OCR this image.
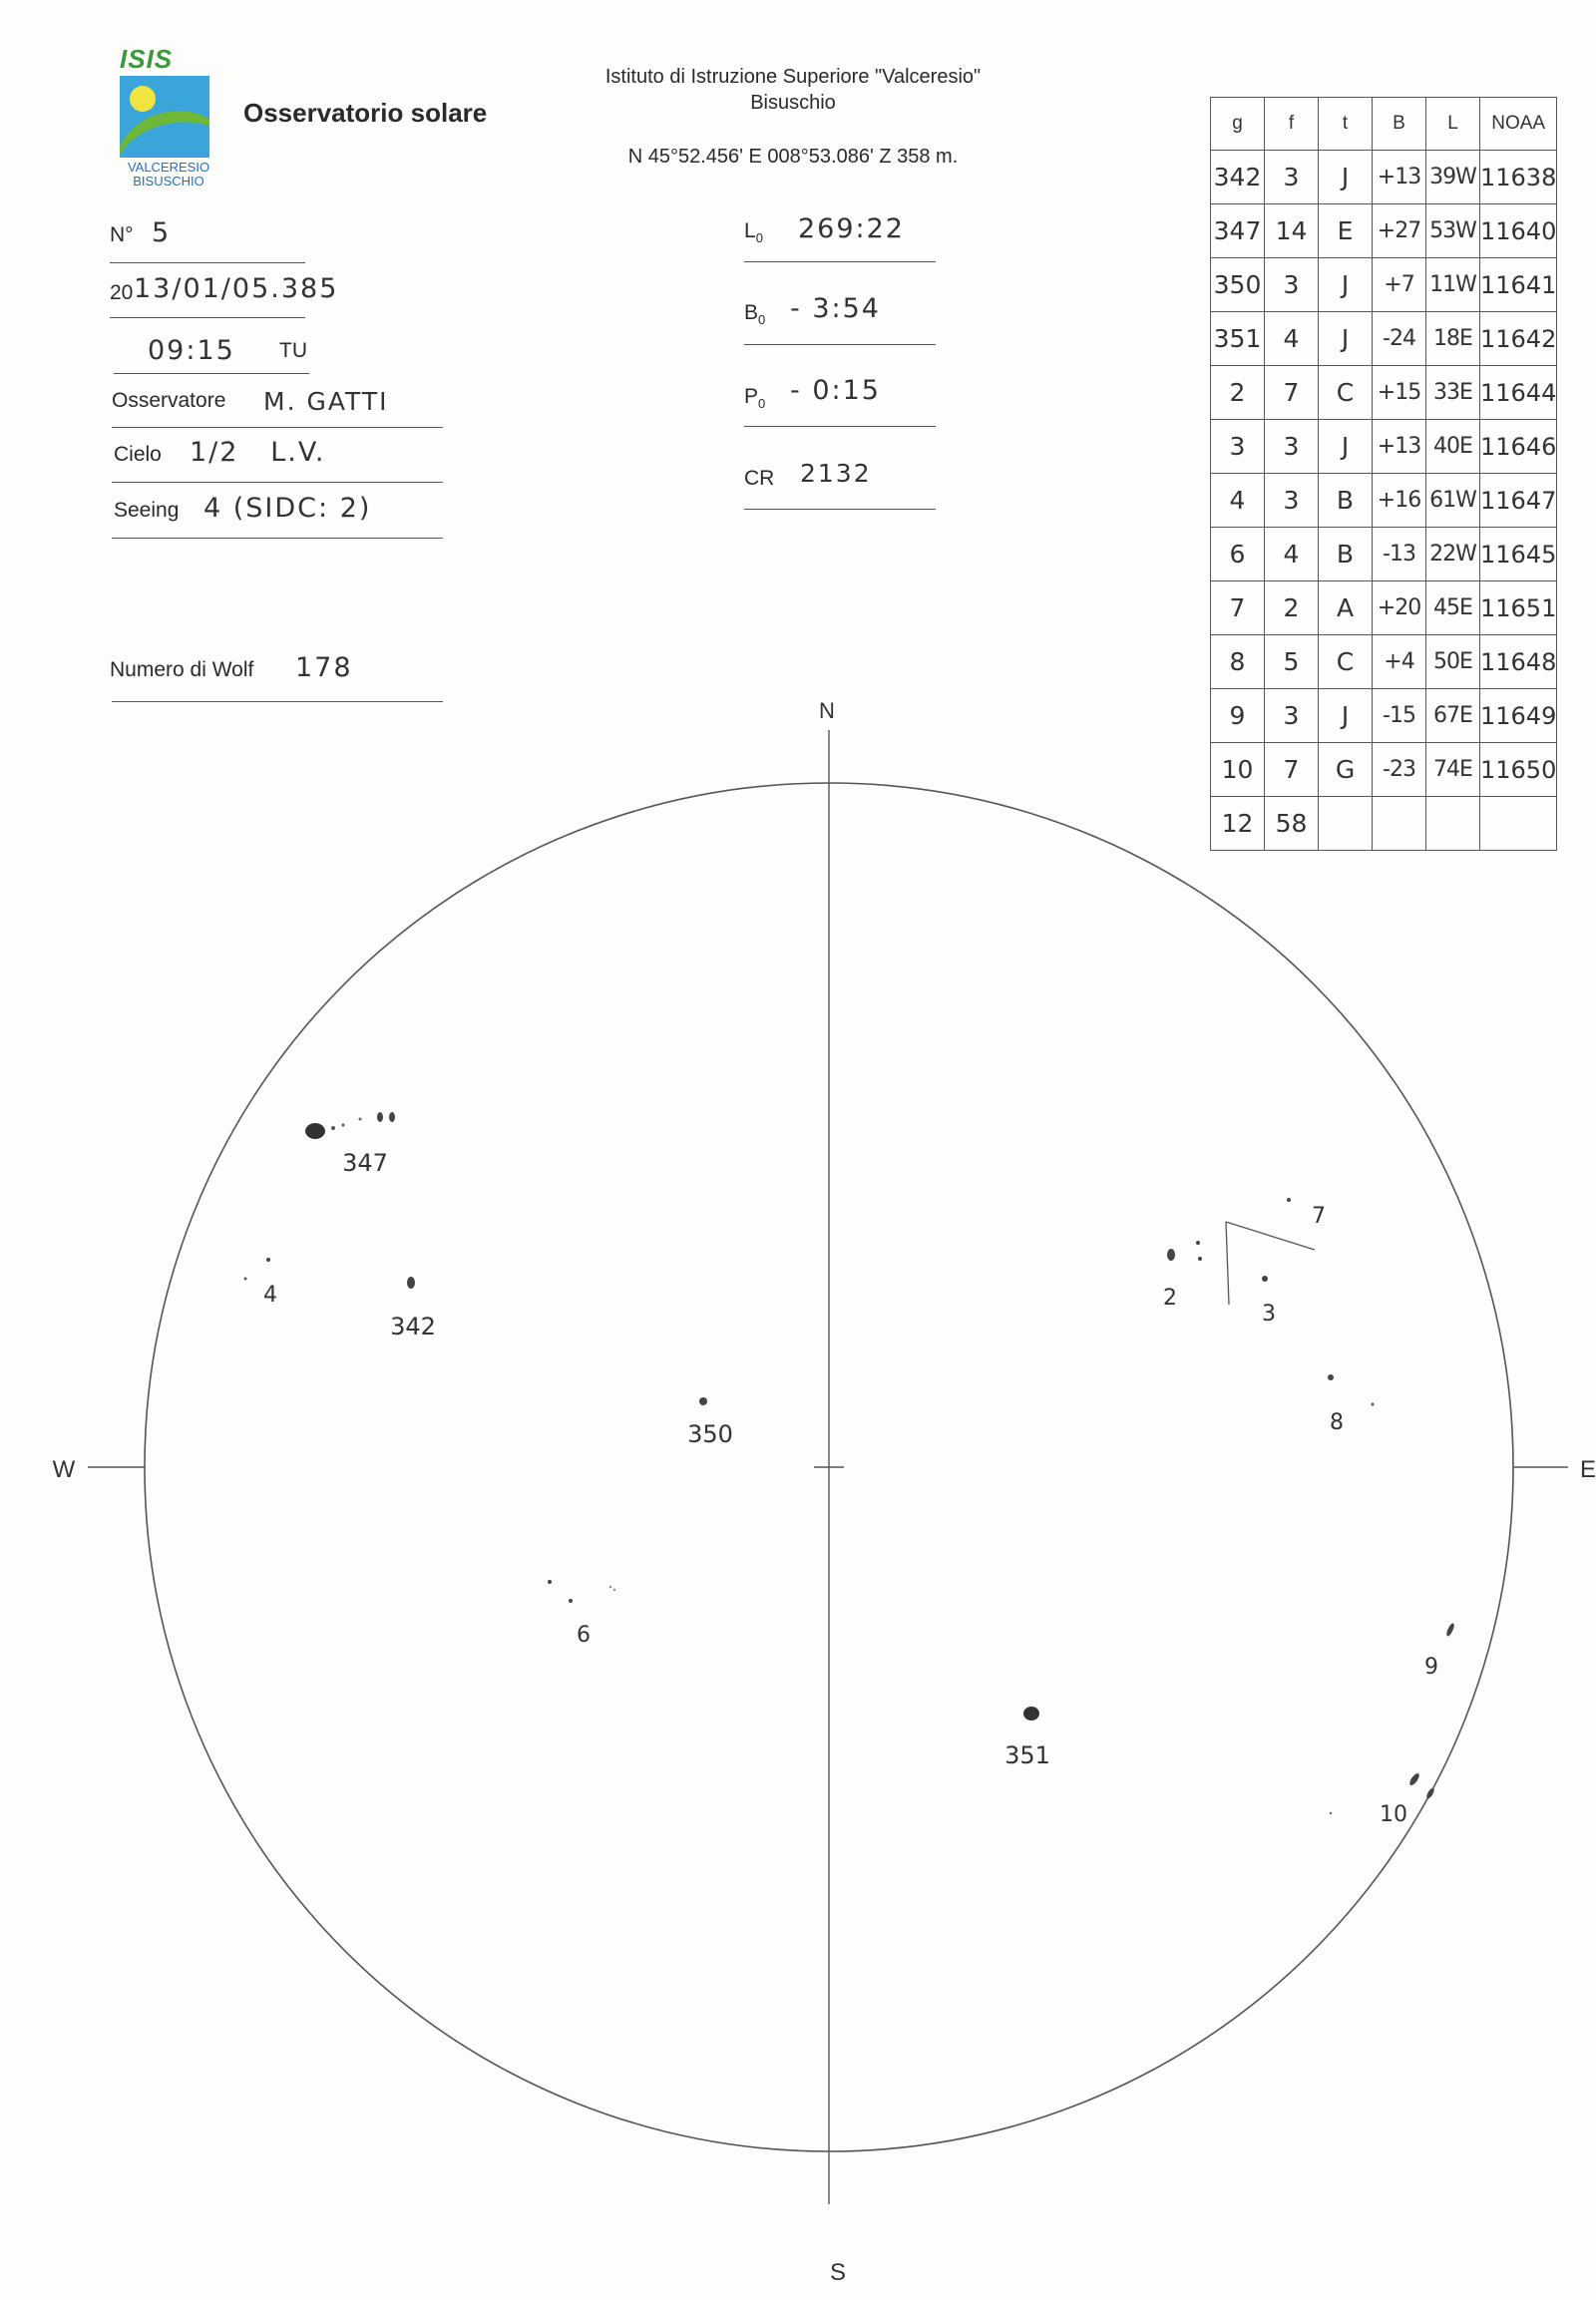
ISIS
VALCERESIO
BISUSCHIO
Osservatorio solare
Istituto di Istruzione Superiore "Valceresio"
Bisuschio
N 45°52.456' E 008°53.086' Z 358 m.
N° 5
20 13/01/05.385
09:15 TU
Osservatore M. GATTI
Cielo 1/2   L.V.
Seeing 4 (SIDC: 2)
Numero di Wolf 178
$L_0$ 269:22
$B_0$ - 3:54
$P_0$ - 0:15
CR 2132
g	f	t	B	L	NOAA
342	3	J	+13	39W	11638
347	14	E	+27	53W	11640
350	3	J	+7	11W	11641
351	4	J	-24	18E	11642
2	7	C	+15	33E	11644
3	3	J	+13	40E	11646
4	3	B	+16	61W	11647
6	4	B	-13	22W	11645
7	2	A	+20	45E	11651
8	5	C	+4	50E	11648
9	3	J	-15	67E	11649
10	7	G	-23	74E	11650
12	58				
N
S
W	E
347
4
342
350
6
351
2
3
7
8
9
10
